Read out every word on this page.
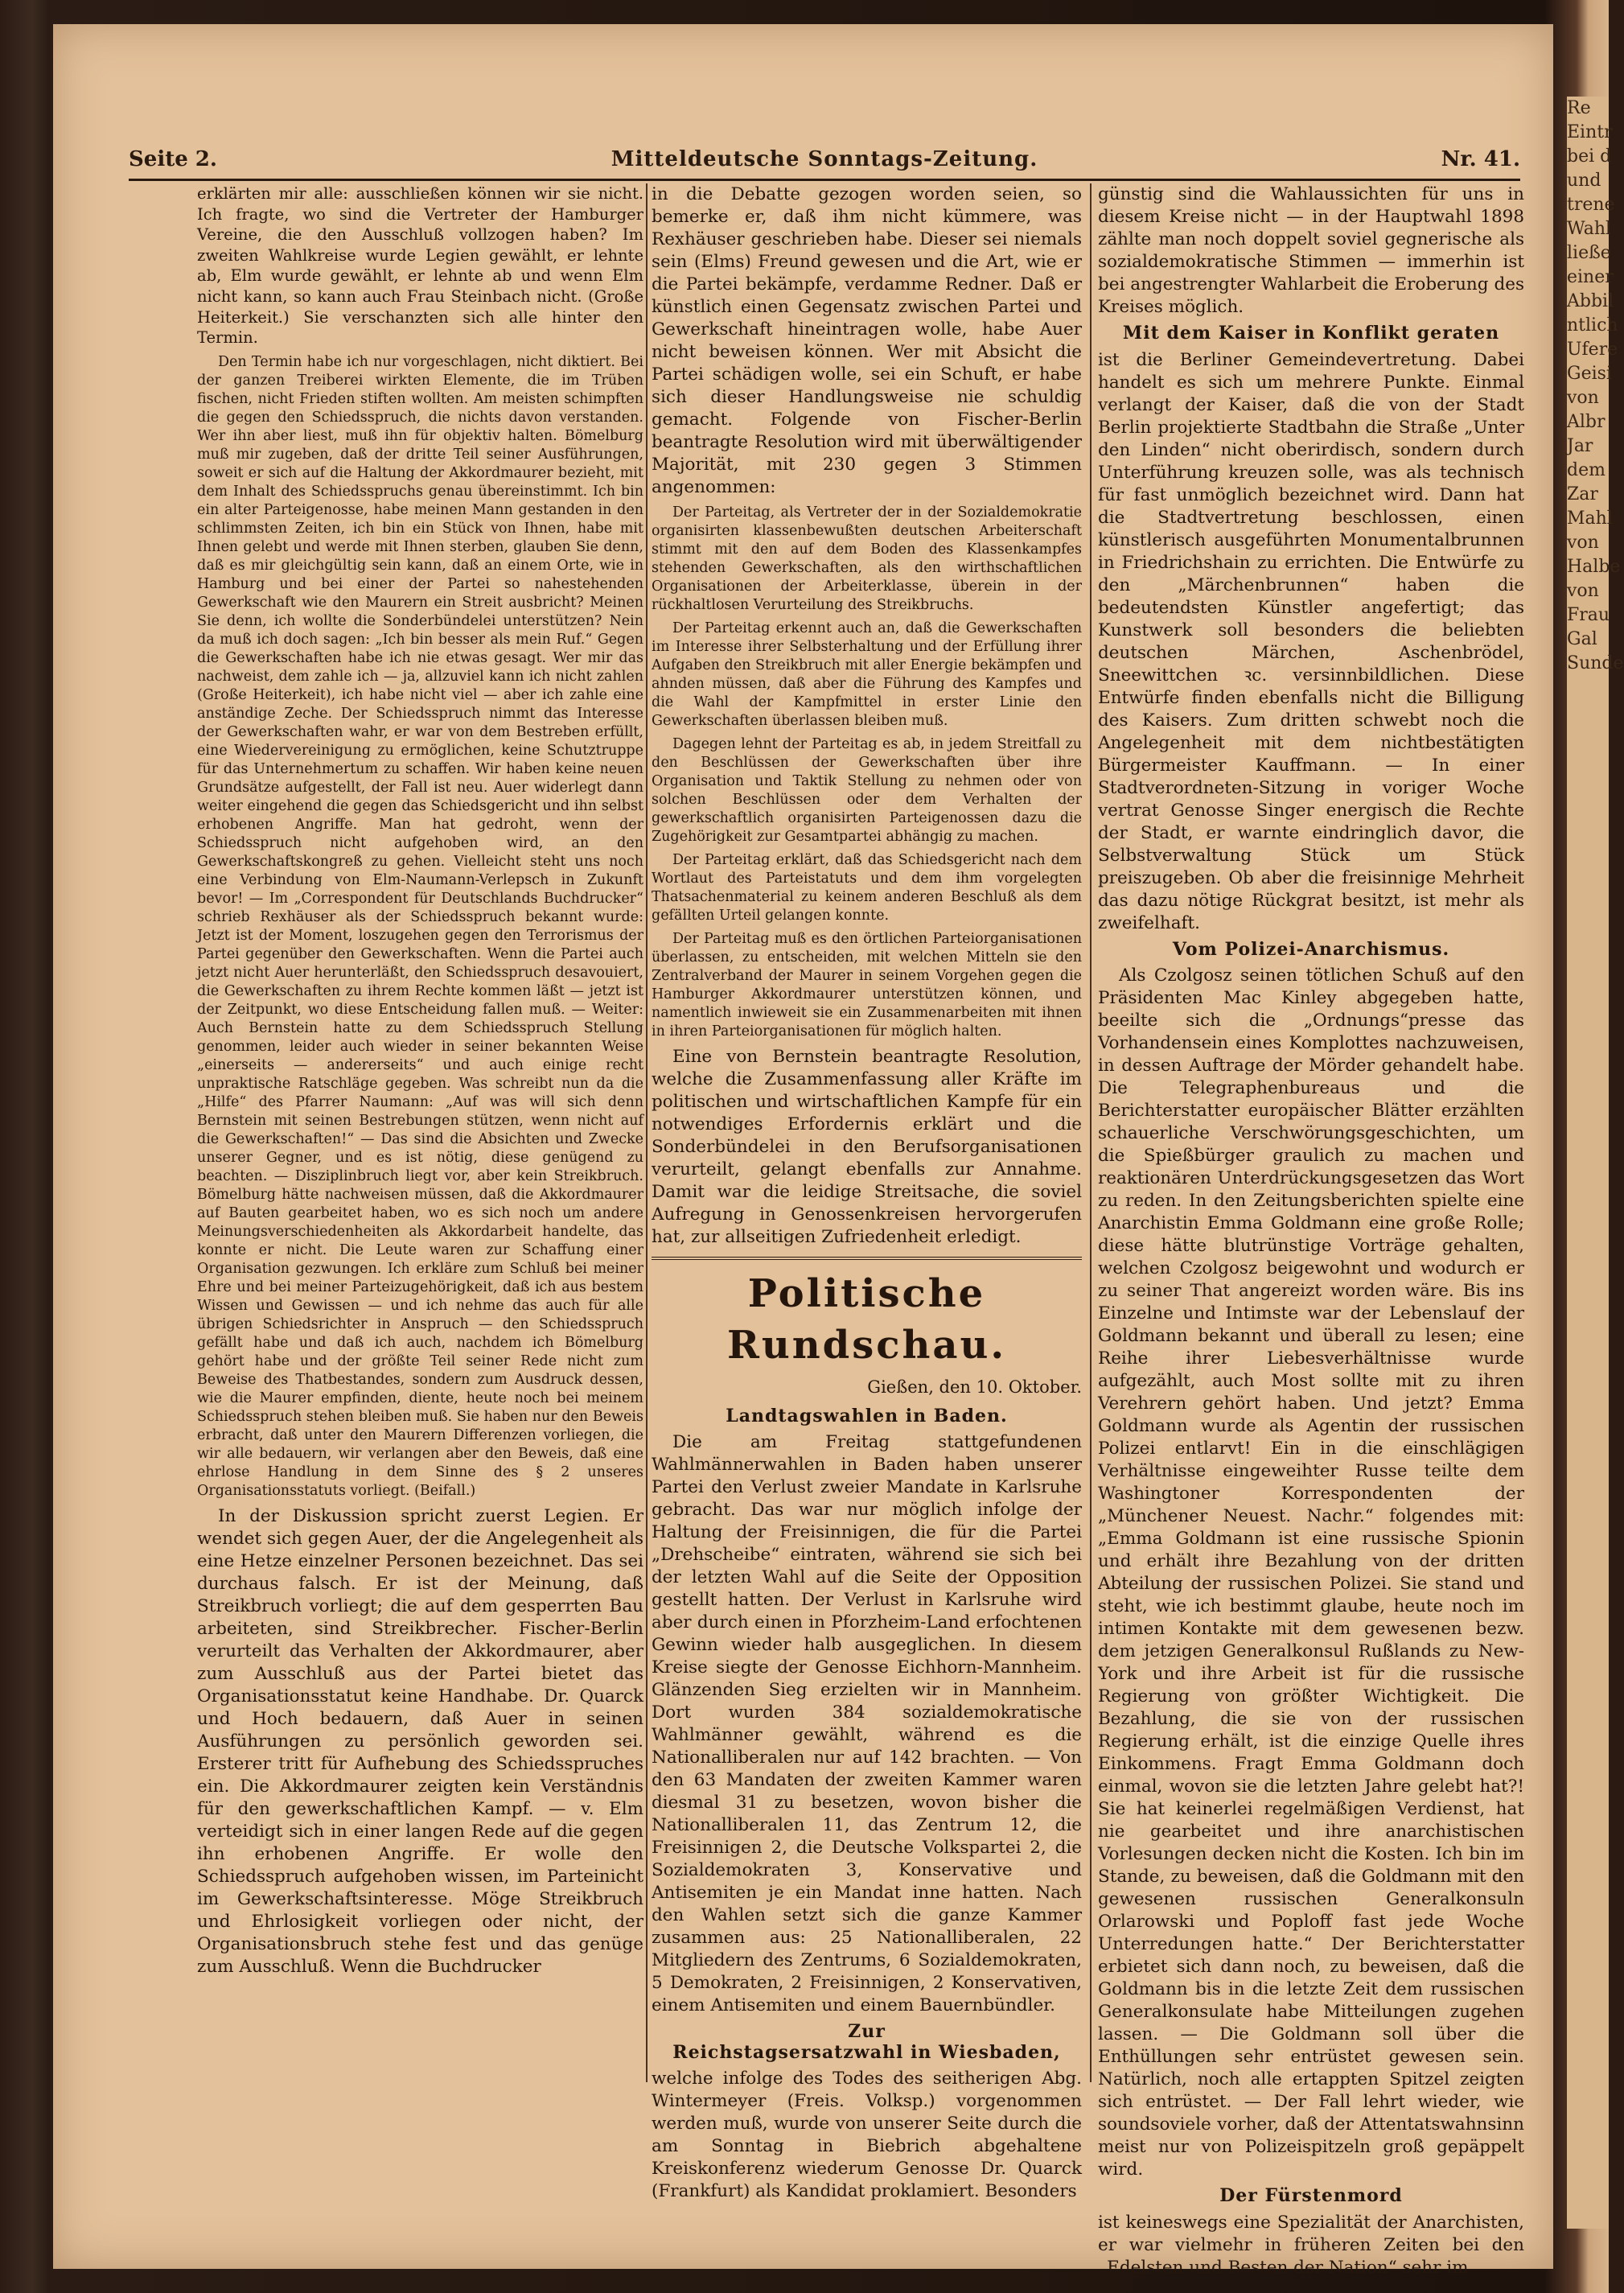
Re
Eintr
bei d
und
trene
Wahl
ließe
einer
Abbil
ntlich
Ufere
Geisi
von
Albr
Jar
dem
Zar
Mahl
von
Halbe
von
Frau
Gal
Sunde
Seite 2.	Mitteldeutsche Sonntags-Zeitung.	Nr. 41.

erklärten mir alle: ausschließen können wir sie nicht. Ich fragte, wo sind die Vertreter der Hamburger Vereine, die den Ausschluß vollzogen haben? Im zweiten Wahlkreise wurde Legien gewählt, er lehnte ab, Elm wurde gewählt, er lehnte ab und wenn Elm nicht kann, so kann auch Frau Steinbach nicht. (Große Heiterkeit.) Sie verschanzten sich alle hinter den Termin.

Den Termin habe ich nur vorgeschlagen, nicht diktiert. Bei der ganzen Treiberei wirkten Elemente, die im Trüben fischen, nicht Frieden stiften wollten. Am meisten schimpften die gegen den Schiedsspruch, die nichts davon verstanden. Wer ihn aber liest, muß ihn für objektiv halten. Bömelburg muß mir zugeben, daß der dritte Teil seiner Ausführungen, soweit er sich auf die Haltung der Akkordmaurer bezieht, mit dem Inhalt des Schiedsspruchs genau übereinstimmt. Ich bin ein alter Parteigenosse, habe meinen Mann gestanden in den schlimmsten Zeiten, ich bin ein Stück von Ihnen, habe mit Ihnen gelebt und werde mit Ihnen sterben, glauben Sie denn, daß es mir gleichgültig sein kann, daß an einem Orte, wie in Hamburg und bei einer der Partei so nahestehenden Gewerkschaft wie den Maurern ein Streit ausbricht? Meinen Sie denn, ich wollte die Sonderbündelei unterstützen? Nein da muß ich doch sagen: „Ich bin besser als mein Ruf.“ Gegen die Gewerkschaften habe ich nie etwas gesagt. Wer mir das nachweist, dem zahle ich — ja, allzuviel kann ich nicht zahlen (Große Heiterkeit), ich habe nicht viel — aber ich zahle eine anständige Zeche. Der Schiedsspruch nimmt das Interesse der Gewerkschaften wahr, er war von dem Bestreben erfüllt, eine Wiedervereinigung zu ermöglichen, keine Schutztruppe für das Unternehmertum zu schaffen. Wir haben keine neuen Grundsätze aufgestellt, der Fall ist neu. Auer widerlegt dann weiter eingehend die gegen das Schiedsgericht und ihn selbst erhobenen Angriffe. Man hat gedroht, wenn der Schiedsspruch nicht aufgehoben wird, an den Gewerkschaftskongreß zu gehen. Vielleicht steht uns noch eine Verbindung von Elm-Naumann-Verlepsch in Zukunft bevor! — Im „Correspondent für Deutschlands Buchdrucker“ schrieb Rexhäuser als der Schiedsspruch bekannt wurde: Jetzt ist der Moment, loszugehen gegen den Terrorismus der Partei gegenüber den Gewerkschaften. Wenn die Partei auch jetzt nicht Auer herunterläßt, den Schiedsspruch desavouiert, die Gewerkschaften zu ihrem Rechte kommen läßt — jetzt ist der Zeitpunkt, wo diese Entscheidung fallen muß. — Weiter: Auch Bernstein hatte zu dem Schiedsspruch Stellung genommen, leider auch wieder in seiner bekannten Weise „einerseits — andererseits“ und auch einige recht unpraktische Ratschläge gegeben. Was schreibt nun da die „Hilfe“ des Pfarrer Naumann: „Auf was will sich denn Bernstein mit seinen Bestrebungen stützen, wenn nicht auf die Gewerkschaften!“ — Das sind die Absichten und Zwecke unserer Gegner, und es ist nötig, diese genügend zu beachten. — Disziplinbruch liegt vor, aber kein Streikbruch. Bömelburg hätte nachweisen müssen, daß die Akkordmaurer auf Bauten gearbeitet haben, wo es sich noch um andere Meinungsverschiedenheiten als Akkordarbeit handelte, das konnte er nicht. Die Leute waren zur Schaffung einer Organisation gezwungen. Ich erkläre zum Schluß bei meiner Ehre und bei meiner Parteizugehörigkeit, daß ich aus bestem Wissen und Gewissen — und ich nehme das auch für alle übrigen Schiedsrichter in Anspruch — den Schiedsspruch gefällt habe und daß ich auch, nachdem ich Bömelburg gehört habe und der größte Teil seiner Rede nicht zum Beweise des Thatbestandes, sondern zum Ausdruck dessen, wie die Maurer empfinden, diente, heute noch bei meinem Schiedsspruch stehen bleiben muß. Sie haben nur den Beweis erbracht, daß unter den Maurern Differenzen vorliegen, die wir alle bedauern, wir verlangen aber den Beweis, daß eine ehrlose Handlung in dem Sinne des § 2 unseres Organisationsstatuts vorliegt. (Beifall.)

In der Diskussion spricht zuerst Legien. Er wendet sich gegen Auer, der die Angelegenheit als eine Hetze einzelner Personen bezeichnet. Das sei durchaus falsch. Er ist der Meinung, daß Streikbruch vorliegt; die auf dem gesperrten Bau arbeiteten, sind Streikbrecher. Fischer-Berlin verurteilt das Verhalten der Akkordmaurer, aber zum Ausschluß aus der Partei bietet das Organisationsstatut keine Handhabe. Dr. Quarck und Hoch bedauern, daß Auer in seinen Ausführungen zu persönlich geworden sei. Ersterer tritt für Aufhebung des Schiedsspruches ein. Die Akkordmaurer zeigten kein Verständnis für den gewerkschaftlichen Kampf. — v. Elm verteidigt sich in einer langen Rede auf die gegen ihn erhobenen Angriffe. Er wolle den Schiedsspruch aufgehoben wissen, im Parteinicht im Gewerkschaftsinteresse. Möge Streikbruch und Ehrlosigkeit vorliegen oder nicht, der Organisationsbruch stehe fest und das genüge zum Ausschluß. Wenn die Buchdrucker

in die Debatte gezogen worden seien, so bemerke er, daß ihm nicht kümmere, was Rexhäuser geschrieben habe. Dieser sei niemals sein (Elms) Freund gewesen und die Art, wie er die Partei bekämpfe, verdamme Redner. Daß er künstlich einen Gegensatz zwischen Partei und Gewerkschaft hineintragen wolle, habe Auer nicht beweisen können. Wer mit Absicht die Partei schädigen wolle, sei ein Schuft, er habe sich dieser Handlungsweise nie schuldig gemacht. Folgende von Fischer-Berlin beantragte Resolution wird mit überwältigender Majorität, mit 230 gegen 3 Stimmen angenommen:

Der Parteitag, als Vertreter der in der Sozialdemokratie organisirten klassenbewußten deutschen Arbeiterschaft stimmt mit den auf dem Boden des Klassenkampfes stehenden Gewerkschaften, als den wirthschaftlichen Organisationen der Arbeiterklasse, überein in der rückhaltlosen Verurteilung des Streikbruchs.

Der Parteitag erkennt auch an, daß die Gewerkschaften im Interesse ihrer Selbsterhaltung und der Erfüllung ihrer Aufgaben den Streikbruch mit aller Energie bekämpfen und ahnden müssen, daß aber die Führung des Kampfes und die Wahl der Kampfmittel in erster Linie den Gewerkschaften überlassen bleiben muß.

Dagegen lehnt der Parteitag es ab, in jedem Streitfall zu den Beschlüssen der Gewerkschaften über ihre Organisation und Taktik Stellung zu nehmen oder von solchen Beschlüssen oder dem Verhalten der gewerkschaftlich organisirten Parteigenossen dazu die Zugehörigkeit zur Gesamtpartei abhängig zu machen.

Der Parteitag erklärt, daß das Schiedsgericht nach dem Wortlaut des Parteistatuts und dem ihm vorgelegten Thatsachenmaterial zu keinem anderen Beschluß als dem gefällten Urteil gelangen konnte.

Der Parteitag muß es den örtlichen Parteiorganisationen überlassen, zu entscheiden, mit welchen Mitteln sie den Zentralverband der Maurer in seinem Vorgehen gegen die Hamburger Akkordmaurer unterstützen können, und namentlich inwieweit sie ein Zusammenarbeiten mit ihnen in ihren Parteiorganisationen für möglich halten.

Eine von Bernstein beantragte Resolution, welche die Zusammenfassung aller Kräfte im politischen und wirtschaftlichen Kampfe für ein notwendiges Erfordernis erklärt und die Sonderbündelei in den Berufsorganisationen verurteilt, gelangt ebenfalls zur Annahme. Damit war die leidige Streitsache, die soviel Aufregung in Genossenkreisen hervorgerufen hat, zur allseitigen Zufriedenheit erledigt.

Politische Rundschau.
Gießen, den 10. Oktober.
Landtagswahlen in Baden.

Die am Freitag stattgefundenen Wahlmännerwahlen in Baden haben unserer Partei den Verlust zweier Mandate in Karlsruhe gebracht. Das war nur möglich infolge der Haltung der Freisinnigen, die für die Partei „Drehscheibe“ eintraten, während sie sich bei der letzten Wahl auf die Seite der Opposition gestellt hatten. Der Verlust in Karlsruhe wird aber durch einen in Pforzheim-Land erfochtenen Gewinn wieder halb ausgeglichen. In diesem Kreise siegte der Genosse Eichhorn-Mannheim. Glänzenden Sieg erzielten wir in Mannheim. Dort wurden 384 sozialdemokratische Wahlmänner gewählt, während es die Nationalliberalen nur auf 142 brachten. — Von den 63 Mandaten der zweiten Kammer waren diesmal 31 zu besetzen, wovon bisher die Nationalliberalen 11, das Zentrum 12, die Freisinnigen 2, die Deutsche Volkspartei 2, die Sozialdemokraten 3, Konservative und Antisemiten je ein Mandat inne hatten. Nach den Wahlen setzt sich die ganze Kammer zusammen aus: 25 Nationalliberalen, 22 Mitgliedern des Zentrums, 6 Sozialdemokraten, 5 Demokraten, 2 Freisinnigen, 2 Konservativen, einem Antisemiten und einem Bauernbündler.

Zur
Reichstagsersatzwahl in Wiesbaden,

welche infolge des Todes des seitherigen Abg. Wintermeyer (Freis. Volksp.) vorgenommen werden muß, wurde von unserer Seite durch die am Sonntag in Biebrich abgehaltene Kreiskonferenz wiederum Genosse Dr. Quarck (Frankfurt) als Kandidat proklamiert. Besonders

günstig sind die Wahlaussichten für uns in diesem Kreise nicht — in der Hauptwahl 1898 zählte man noch doppelt soviel gegnerische als sozialdemokratische Stimmen — immerhin ist bei angestrengter Wahlarbeit die Eroberung des Kreises möglich.

Mit dem Kaiser in Konflikt geraten

ist die Berliner Gemeindevertretung. Dabei handelt es sich um mehrere Punkte. Einmal verlangt der Kaiser, daß die von der Stadt Berlin projektierte Stadtbahn die Straße „Unter den Linden“ nicht oberirdisch, sondern durch Unterführung kreuzen solle, was als technisch für fast unmöglich bezeichnet wird. Dann hat die Stadtvertretung beschlossen, einen künstlerisch ausgeführten Monumentalbrunnen in Friedrichshain zu errichten. Die Entwürfe zu den „Märchenbrunnen“ haben die bedeutendsten Künstler angefertigt; das Kunstwerk soll besonders die beliebten deutschen Märchen, Aschenbrödel, Sneewittchen ꝛc. versinnbildlichen. Diese Entwürfe finden ebenfalls nicht die Billigung des Kaisers. Zum dritten schwebt noch die Angelegenheit mit dem nichtbestätigten Bürgermeister Kauffmann. — In einer Stadtverordneten-Sitzung in voriger Woche vertrat Genosse Singer energisch die Rechte der Stadt, er warnte eindringlich davor, die Selbstverwaltung Stück um Stück preiszugeben. Ob aber die freisinnige Mehrheit das dazu nötige Rückgrat besitzt, ist mehr als zweifelhaft.

Vom Polizei-Anarchismus.

Als Czolgosz seinen tötlichen Schuß auf den Präsidenten Mac Kinley abgegeben hatte, beeilte sich die „Ordnungs“presse das Vorhandensein eines Komplottes nachzuweisen, in dessen Auftrage der Mörder gehandelt habe. Die Telegraphenbureaus und die Berichterstatter europäischer Blätter erzählten schauerliche Verschwörungsgeschichten, um die Spießbürger graulich zu machen und reaktionären Unterdrückungsgesetzen das Wort zu reden. In den Zeitungsberichten spielte eine Anarchistin Emma Goldmann eine große Rolle; diese hätte blutrünstige Vorträge gehalten, welchen Czolgosz beigewohnt und wodurch er zu seiner That angereizt worden wäre. Bis ins Einzelne und Intimste war der Lebenslauf der Goldmann bekannt und überall zu lesen; eine Reihe ihrer Liebesverhältnisse wurde aufgezählt, auch Most sollte mit zu ihren Verehrern gehört haben. Und jetzt? Emma Goldmann wurde als Agentin der russischen Polizei entlarvt! Ein in die einschlägigen Verhältnisse eingeweihter Russe teilte dem Washingtoner Korrespondenten der „Münchener Neuest. Nachr.“ folgendes mit: „Emma Goldmann ist eine russische Spionin und erhält ihre Bezahlung von der dritten Abteilung der russischen Polizei. Sie stand und steht, wie ich bestimmt glaube, heute noch im intimen Kontakte mit dem gewesenen bezw. dem jetzigen Generalkonsul Rußlands zu New-York und ihre Arbeit ist für die russische Regierung von größter Wichtigkeit. Die Bezahlung, die sie von der russischen Regierung erhält, ist die einzige Quelle ihres Einkommens. Fragt Emma Goldmann doch einmal, wovon sie die letzten Jahre gelebt hat?! Sie hat keinerlei regelmäßigen Verdienst, hat nie gearbeitet und ihre anarchistischen Vorlesungen decken nicht die Kosten. Ich bin im Stande, zu beweisen, daß die Goldmann mit den gewesenen russischen Generalkonsuln Orlarowski und Poploff fast jede Woche Unterredungen hatte.“ Der Berichterstatter erbietet sich dann noch, zu beweisen, daß die Goldmann bis in die letzte Zeit dem russischen Generalkonsulate habe Mitteilungen zugehen lassen. — Die Goldmann soll über die Enthüllungen sehr entrüstet gewesen sein. Natürlich, noch alle ertappten Spitzel zeigten sich entrüstet. — Der Fall lehrt wieder, wie soundsoviele vorher, daß der Attentatswahnsinn meist nur von Polizeispitzeln groß gepäppelt wird.

Der Fürstenmord

ist keineswegs eine Spezialität der Anarchisten, er war vielmehr in früheren Zeiten bei den „Edelsten und Besten der Nation“ sehr im
